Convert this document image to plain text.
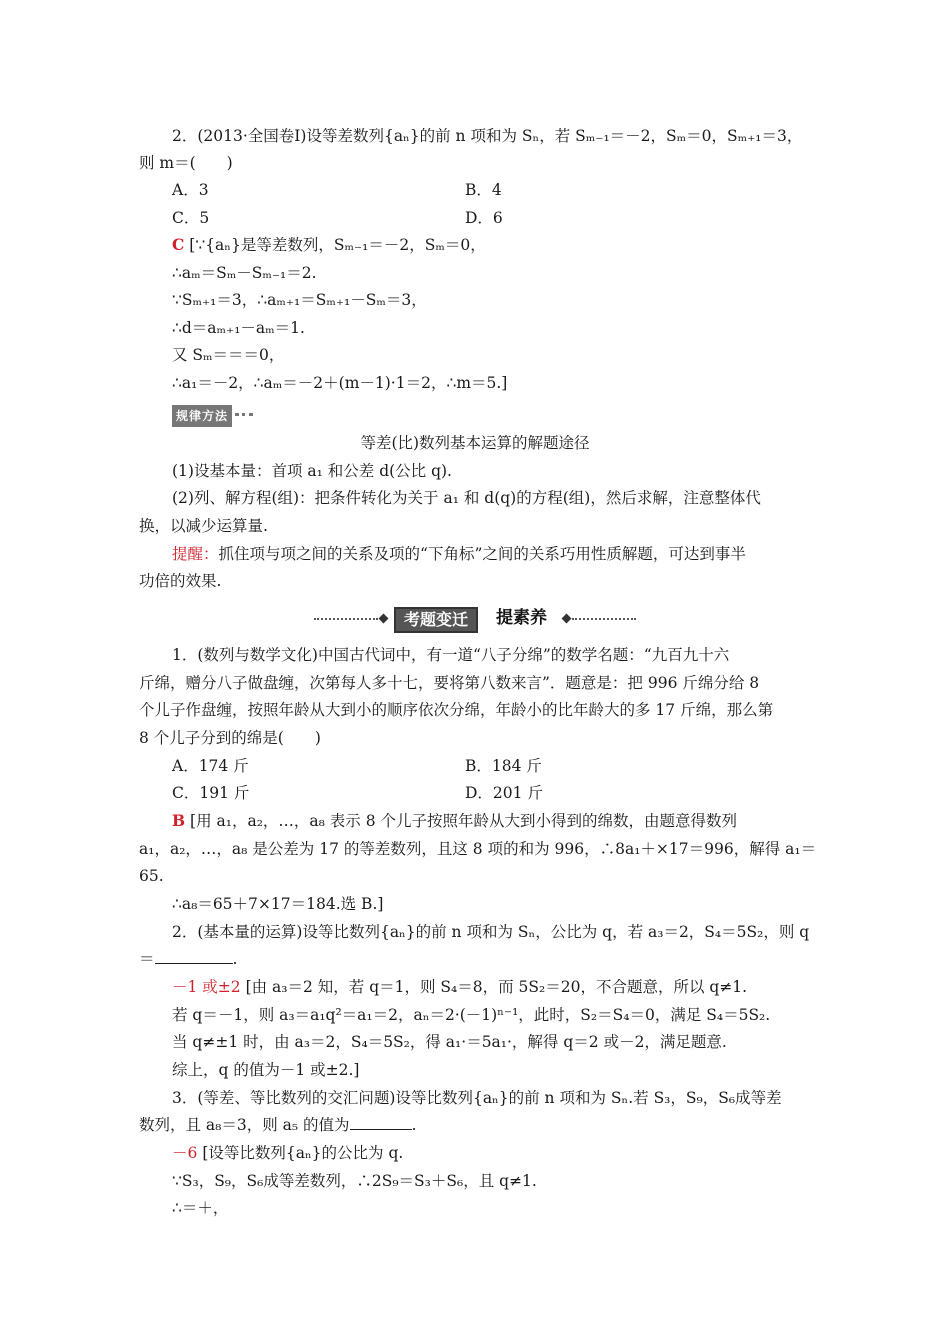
2．(2013·全国卷Ⅰ)设等差数列{aₙ}的前 n 项和为 Sₙ，若 Sₘ₋₁＝－2，Sₘ＝0，Sₘ₊₁＝3，
则 m＝(　　)
A．3	B．4
C．5	D．6
C [∵{aₙ}是等差数列，Sₘ₋₁＝－2，Sₘ＝0，
∴aₘ＝Sₘ－Sₘ₋₁＝2.
∵Sₘ₊₁＝3，∴aₘ₊₁＝Sₘ₊₁－Sₘ＝3，
∴d＝aₘ₊₁－aₘ＝1.
又 Sₘ＝＝＝0，
∴a₁＝－2，∴aₘ＝－2＋(m－1)·1＝2，∴m＝5.]
规律方法
等差(比)数列基本运算的解题途径
(1)设基本量：首项 a₁ 和公差 d(公比 q).
(2)列、解方程(组)：把条件转化为关于 a₁ 和 d(q)的方程(组)，然后求解，注意整体代
换，以减少运算量.
提醒：抓住项与项之间的关系及项的“下角标”之间的关系巧用性质解题，可达到事半
功倍的效果.
考题变迁	提素养
1．(数列与数学文化)中国古代词中，有一道“八子分绵”的数学名题：“九百九十六
斤绵，赠分八子做盘缠，次第每人多十七，要将第八数来言”．题意是：把 996 斤绵分给 8
个儿子作盘缠，按照年龄从大到小的顺序依次分绵，年龄小的比年龄大的多 17 斤绵，那么第
8 个儿子分到的绵是(　　)
A．174 斤	B．184 斤
C．191 斤	D．201 斤
B [用 a₁，a₂，…，a₈ 表示 8 个儿子按照年龄从大到小得到的绵数，由题意得数列
a₁，a₂，…，a₈ 是公差为 17 的等差数列，且这 8 项的和为 996，∴8a₁＋×17＝996，解得 a₁＝
65.
∴a₈＝65＋7×17＝184.选 B.]
2．(基本量的运算)设等比数列{aₙ}的前 n 项和为 Sₙ，公比为 q，若 a₃＝2，S₄＝5S₂，则 q
＝	.
－1 或±2 [由 a₃＝2 知，若 q＝1，则 S₄＝8，而 5S₂＝20，不合题意，所以 q≠1.
若 q＝－1，则 a₃＝a₁q²＝a₁＝2，aₙ＝2·(－1)ⁿ⁻¹，此时，S₂＝S₄＝0，满足 S₄＝5S₂.
当 q≠±1 时，由 a₃＝2，S₄＝5S₂，得 a₁·＝5a₁·，解得 q＝2 或－2，满足题意.
综上，q 的值为－1 或±2.]
3．(等差、等比数列的交汇问题)设等比数列{aₙ}的前 n 项和为 Sₙ.若 S₃，S₉，S₆成等差
数列，且 a₈＝3，则 a₅ 的值为	.
－6 [设等比数列{aₙ}的公比为 q.
∵S₃，S₉，S₆成等差数列，∴2S₉＝S₃＋S₆，且 q≠1.
∴＝＋，
